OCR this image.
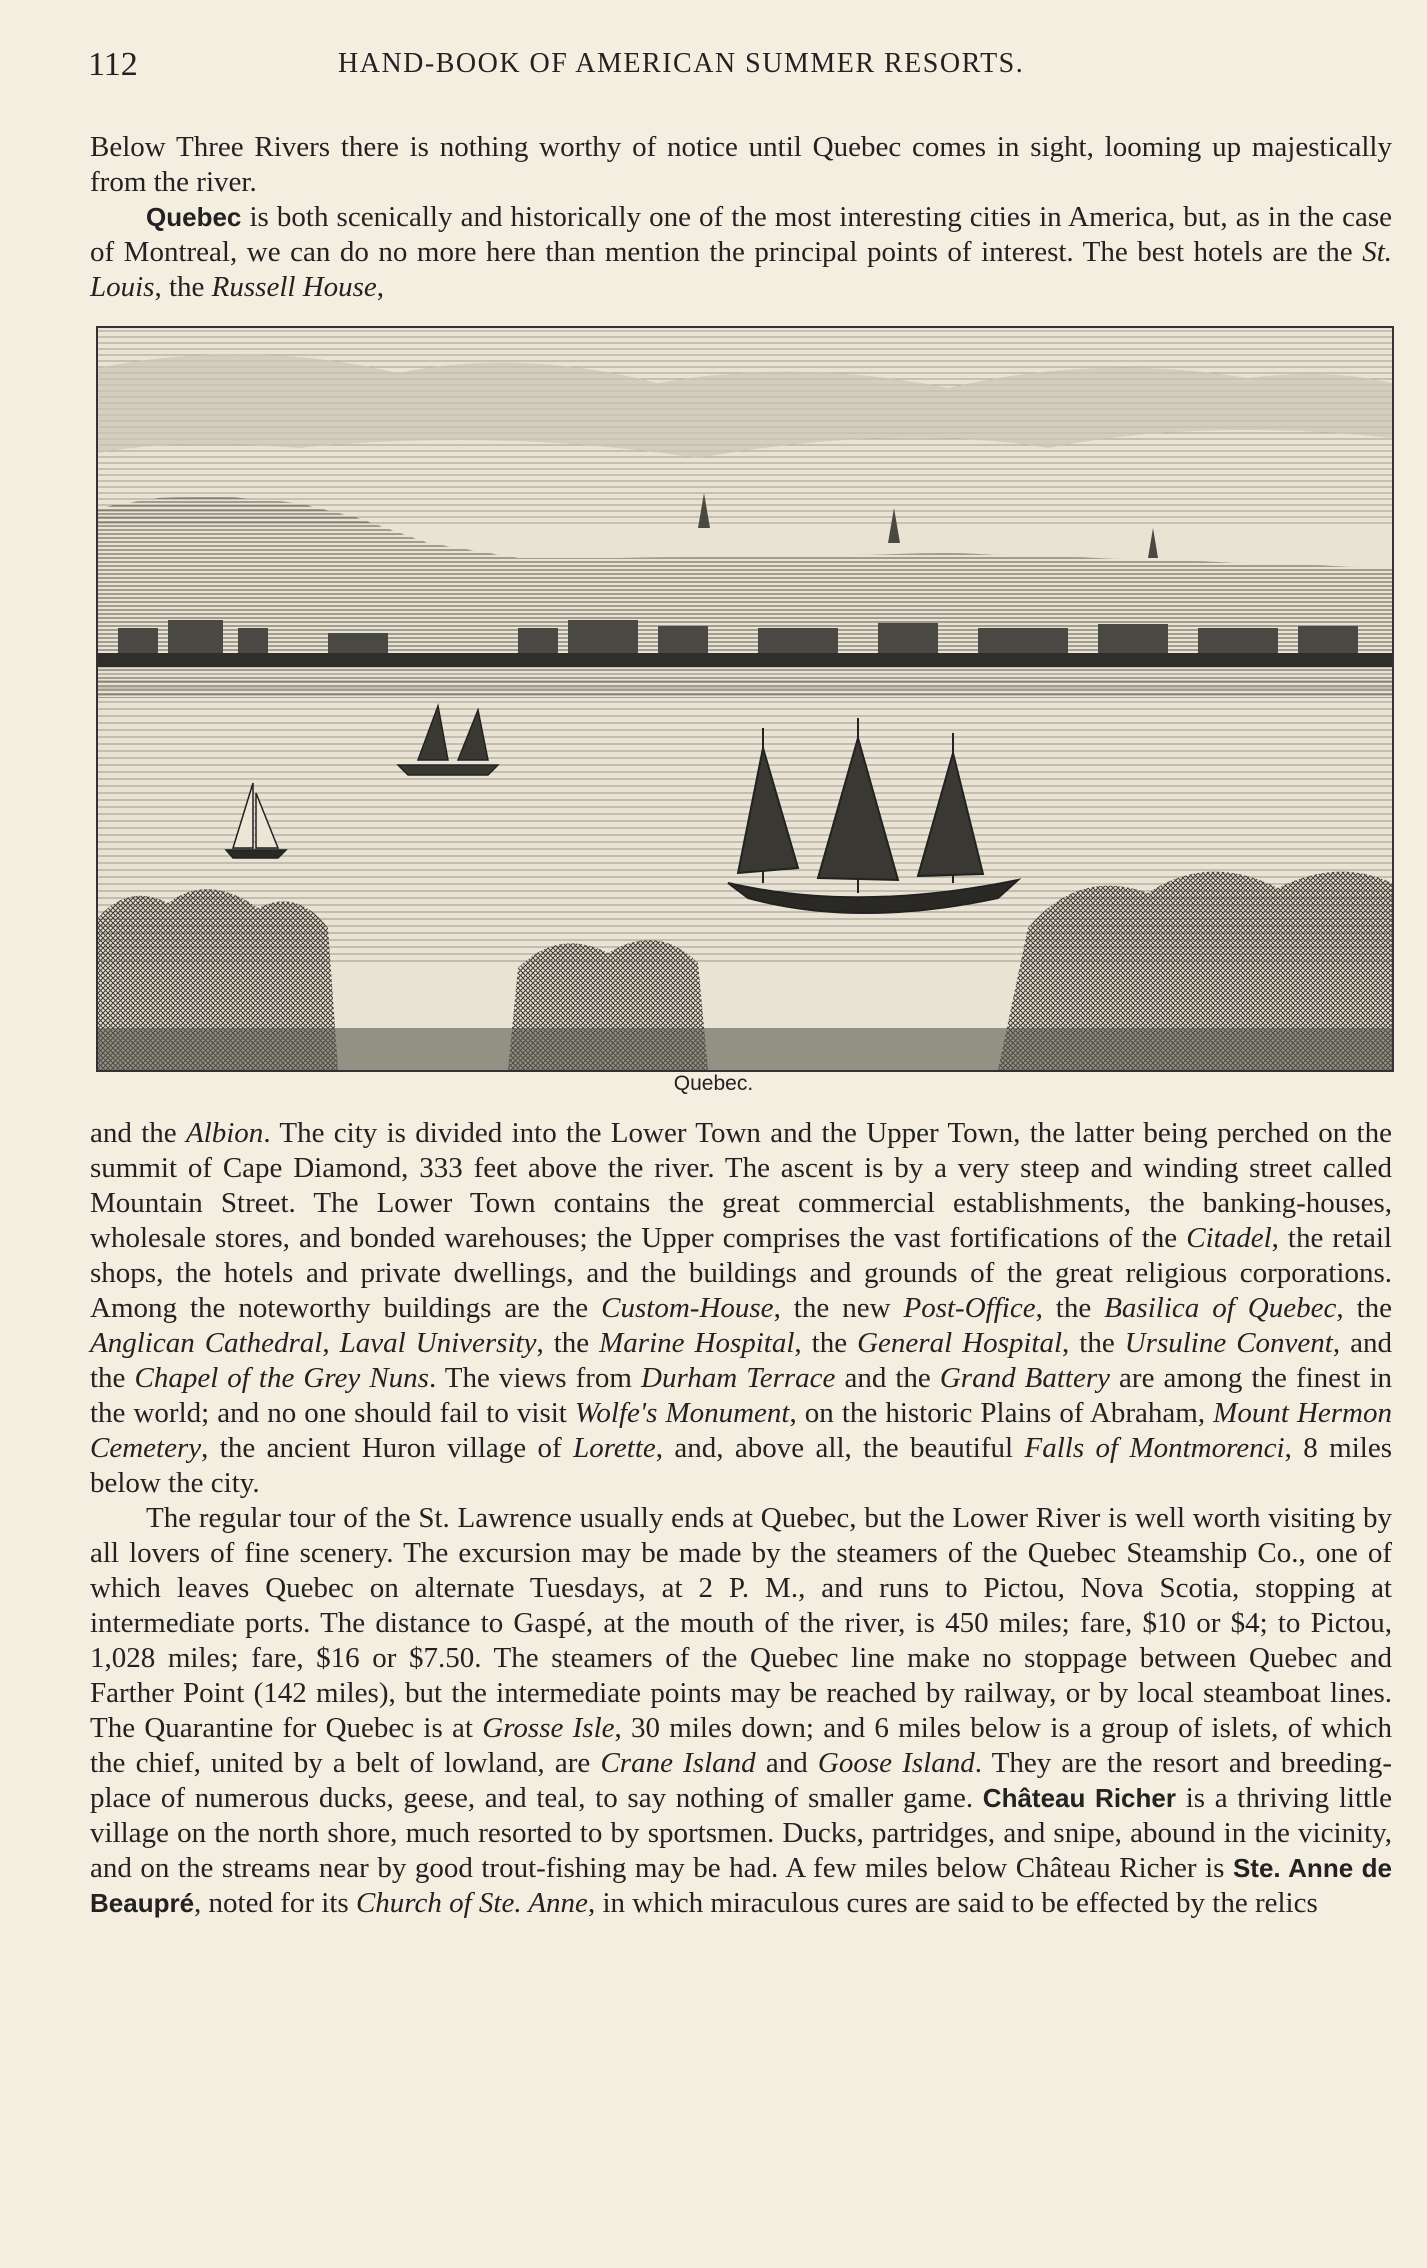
112	HAND-BOOK OF AMERICAN SUMMER RESORTS.

Below Three Rivers there is nothing worthy of notice until Quebec comes in sight, looming up majestically from the river.

Quebec is both scenically and historically one of the most interesting cities in America, but, as in the case of Montreal, we can do no more here than mention the principal points of interest. The best hotels are the St. Louis, the Russell House,

Quebec.

and the Albion. The city is divided into the Lower Town and the Upper Town, the latter being perched on the summit of Cape Diamond, 333 feet above the river. The ascent is by a very steep and winding street called Mountain Street. The Lower Town contains the great commercial establishments, the banking-houses, wholesale stores, and bonded warehouses; the Upper comprises the vast fortifications of the Citadel, the retail shops, the hotels and private dwellings, and the buildings and grounds of the great religious corporations. Among the noteworthy buildings are the Custom-House, the new Post-Office, the Basilica of Quebec, the Anglican Cathedral, Laval University, the Marine Hospital, the General Hospital, the Ursuline Convent, and the Chapel of the Grey Nuns. The views from Durham Terrace and the Grand Battery are among the finest in the world; and no one should fail to visit Wolfe's Monument, on the historic Plains of Abraham, Mount Hermon Cemetery, the ancient Huron village of Lorette, and, above all, the beautiful Falls of Montmorenci, 8 miles below the city.

The regular tour of the St. Lawrence usually ends at Quebec, but the Lower River is well worth visiting by all lovers of fine scenery. The excursion may be made by the steamers of the Quebec Steamship Co., one of which leaves Quebec on alternate Tuesdays, at 2 P. M., and runs to Pictou, Nova Scotia, stopping at intermediate ports. The distance to Gaspé, at the mouth of the river, is 450 miles; fare, $10 or $4; to Pictou, 1,028 miles; fare, $16 or $7.50. The steamers of the Quebec line make no stoppage between Quebec and Farther Point (142 miles), but the intermediate points may be reached by railway, or by local steamboat lines. The Quarantine for Quebec is at Grosse Isle, 30 miles down; and 6 miles below is a group of islets, of which the chief, united by a belt of lowland, are Crane Island and Goose Island. They are the resort and breeding-place of numerous ducks, geese, and teal, to say nothing of smaller game. Château Richer is a thriving little village on the north shore, much resorted to by sportsmen. Ducks, partridges, and snipe, abound in the vicinity, and on the streams near by good trout-fishing may be had. A few miles below Château Richer is Ste. Anne de Beaupré, noted for its Church of Ste. Anne, in which miraculous cures are said to be effected by the relics
